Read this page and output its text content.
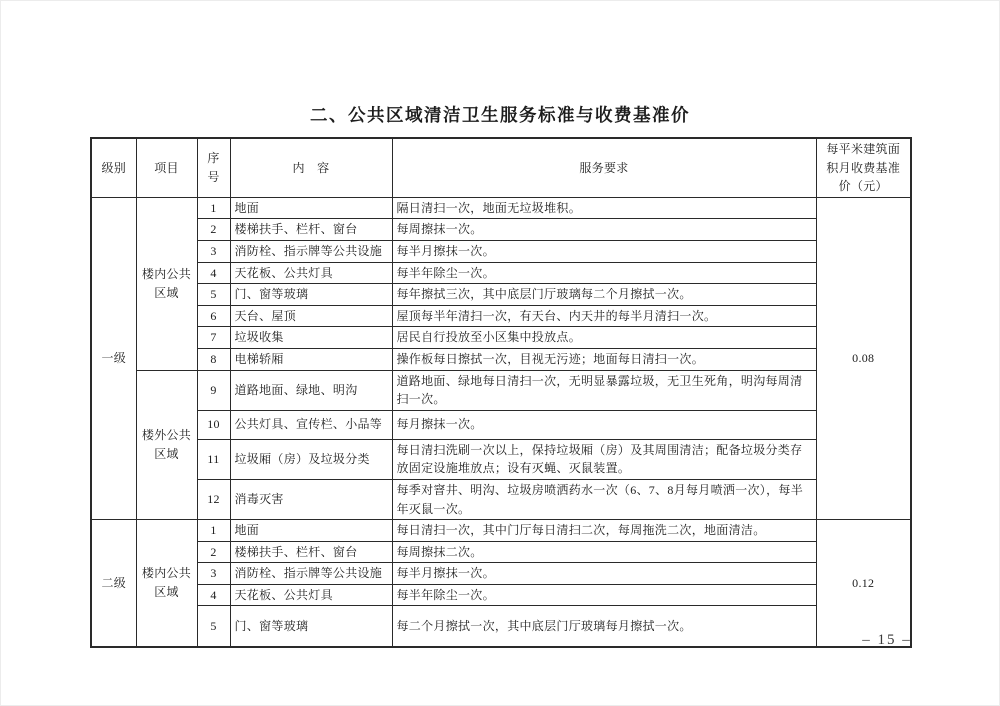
二、公共区域清洁卫生服务标准与收费基准价
级别	项目	序号	内　容	服务要求	每平米建筑面积月收费基准价（元）
一级	楼内公共区域	1	地面	隔日清扫一次，地面无垃圾堆积。	0.08
		2	楼梯扶手、栏杆、窗台	每周擦抹一次。	
		3	消防栓、指示牌等公共设施	每半月擦抹一次。	
		4	天花板、公共灯具	每半年除尘一次。	
		5	门、窗等玻璃	每年擦拭三次，其中底层门厅玻璃每二个月擦拭一次。	
		6	天台、屋顶	屋顶每半年清扫一次，有天台、内天井的每半月清扫一次。	
		7	垃圾收集	居民自行投放至小区集中投放点。	
		8	电梯轿厢	操作板每日擦拭一次，目视无污迹；地面每日清扫一次。	
	楼外公共区域	9	道路地面、绿地、明沟	道路地面、绿地每日清扫一次，无明显暴露垃圾，无卫生死角，明沟每周清扫一次。	
		10	公共灯具、宣传栏、小品等	每月擦抹一次。	
		11	垃圾厢（房）及垃圾分类	每日清扫洗刷一次以上，保持垃圾厢（房）及其周围清洁；配备垃圾分类存放固定设施堆放点；设有灭蝇、灭鼠装置。	
		12	消毒灭害	每季对窨井、明沟、垃圾房喷洒药水一次（6、7、8月每月喷洒一次），每半年灭鼠一次。	
二级	楼内公共区域	1	地面	每日清扫一次，其中门厅每日清扫二次，每周拖洗二次，地面清洁。	0.12
		2	楼梯扶手、栏杆、窗台	每周擦抹二次。	
		3	消防栓、指示牌等公共设施	每半月擦抹一次。	
		4	天花板、公共灯具	每半年除尘一次。	
		5	门、窗等玻璃	每二个月擦拭一次，其中底层门厅玻璃每月擦拭一次。	
– 15 –
